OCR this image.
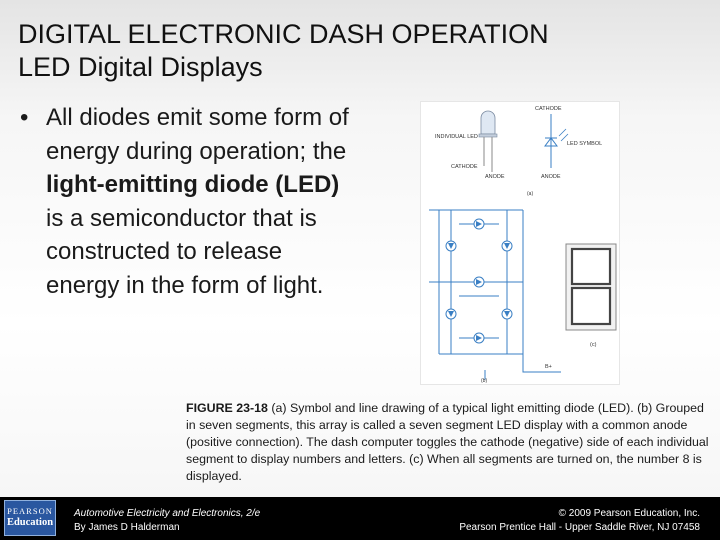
DIGITAL ELECTRONIC DASH OPERATION
LED Digital Displays
• All diodes emit some form of energy during operation; the light-emitting diode (LED) is a semiconductor that is constructed to release energy in the form of light.
INDIVIDUAL LED
CATHODE
ANODE
CATHODE
LED SYMBOL
ANODE
(a)
(b)
B+
(c)
FIGURE 23-18 (a) Symbol and line drawing of a typical light emitting diode (LED). (b) Grouped in seven segments, this array is called a seven segment LED display with a common anode (positive connection). The dash computer toggles the cathode (negative) side of each individual segment to display numbers and letters. (c) When all segments are turned on, the number 8 is displayed.
PEARSON
Education
Automotive Electricity and Electronics, 2/e
By James D Halderman
© 2009 Pearson Education, Inc.
Pearson Prentice Hall - Upper Saddle River, NJ 07458
